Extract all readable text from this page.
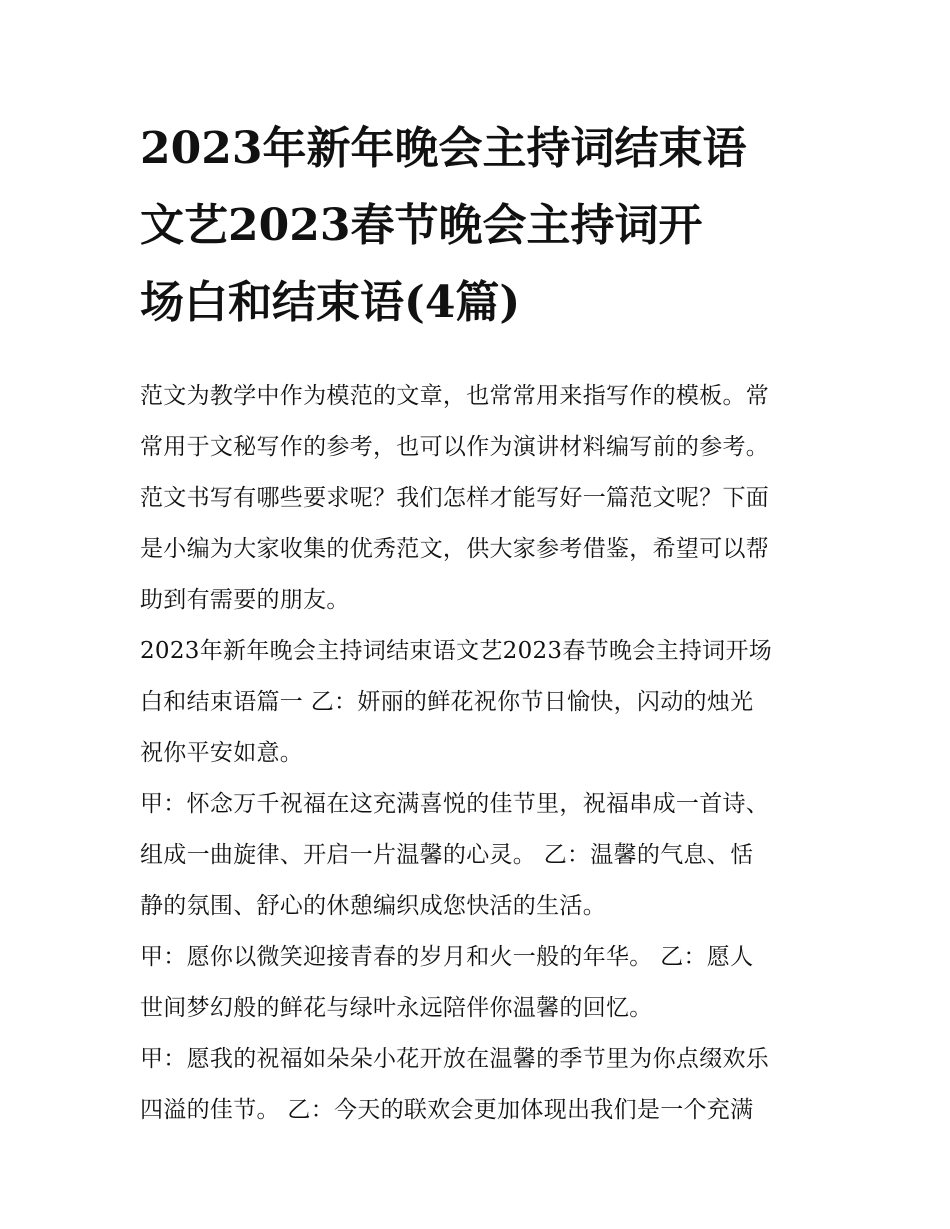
2023年新年晚会主持词结束语
文艺2023春节晚会主持词开
场白和结束语(4篇)

范文为教学中作为模范的文章，也常常用来指写作的模板。常
常用于文秘写作的参考，也可以作为演讲材料编写前的参考。
范文书写有哪些要求呢？我们怎样才能写好一篇范文呢？下面
是小编为大家收集的优秀范文，供大家参考借鉴，希望可以帮
助到有需要的朋友。

2023年新年晚会主持词结束语文艺2023春节晚会主持词开场
白和结束语篇一 乙：妍丽的鲜花祝你节日愉快，闪动的烛光
祝你平安如意。

甲：怀念万千祝福在这充满喜悦的佳节里，祝福串成一首诗、
组成一曲旋律、开启一片温馨的心灵。 乙：温馨的气息、恬
静的氛围、舒心的休憩编织成您快活的生活。

甲：愿你以微笑迎接青春的岁月和火一般的年华。 乙：愿人
世间梦幻般的鲜花与绿叶永远陪伴你温馨的回忆。

甲：愿我的祝福如朵朵小花开放在温馨的季节里为你点缀欢乐
四溢的佳节。 乙：今天的联欢会更加体现出我们是一个充满
